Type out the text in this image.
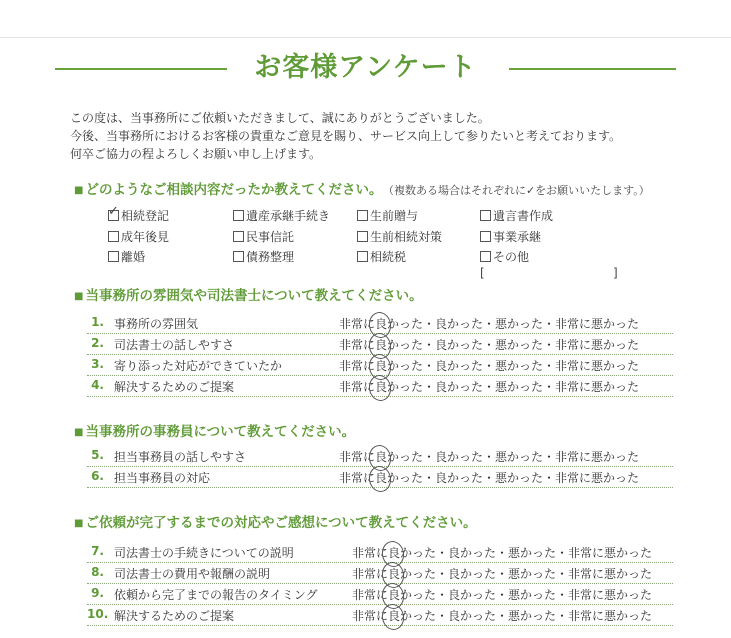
お客様アンケート
この度は、当事務所にご依頼いただきまして、誠にありがとうございました。
今後、当事務所におけるお客様の貴重なご意見を賜り、サービス向上して参りたいと考えております。
何卒ご協力の程よろしくお願い申し上げます。
■ どのようなご相談内容だったか教えてください。 （複数ある場合はそれぞれに✓をお願いいたします。）
✓相続登記	遺産承継手続き	生前贈与	遺言書作成
成年後見	民事信託	生前相続対策	事業承継
離婚	債務整理	相続税	その他
[	]
■ 当事務所の雰囲気や司法書士について教えてください。
1. 事務所の雰囲気	非常に良かった・良かった・悪かった・非常に悪かった
2. 司法書士の話しやすさ	非常に良かった・良かった・悪かった・非常に悪かった
3. 寄り添った対応ができていたか	非常に良かった・良かった・悪かった・非常に悪かった
4. 解決するためのご提案	非常に良かった・良かった・悪かった・非常に悪かった
■ 当事務所の事務員について教えてください。
5. 担当事務員の話しやすさ	非常に良かった・良かった・悪かった・非常に悪かった
6. 担当事務員の対応	非常に良かった・良かった・悪かった・非常に悪かった
■ ご依頼が完了するまでの対応やご感想について教えてください。
7. 司法書士の手続きについての説明	非常に良かった・良かった・悪かった・非常に悪かった
8. 司法書士の費用や報酬の説明	非常に良かった・良かった・悪かった・非常に悪かった
9. 依頼から完了までの報告のタイミング	非常に良かった・良かった・悪かった・非常に悪かった
10. 解決するためのご提案	非常に良かった・良かった・悪かった・非常に悪かった
